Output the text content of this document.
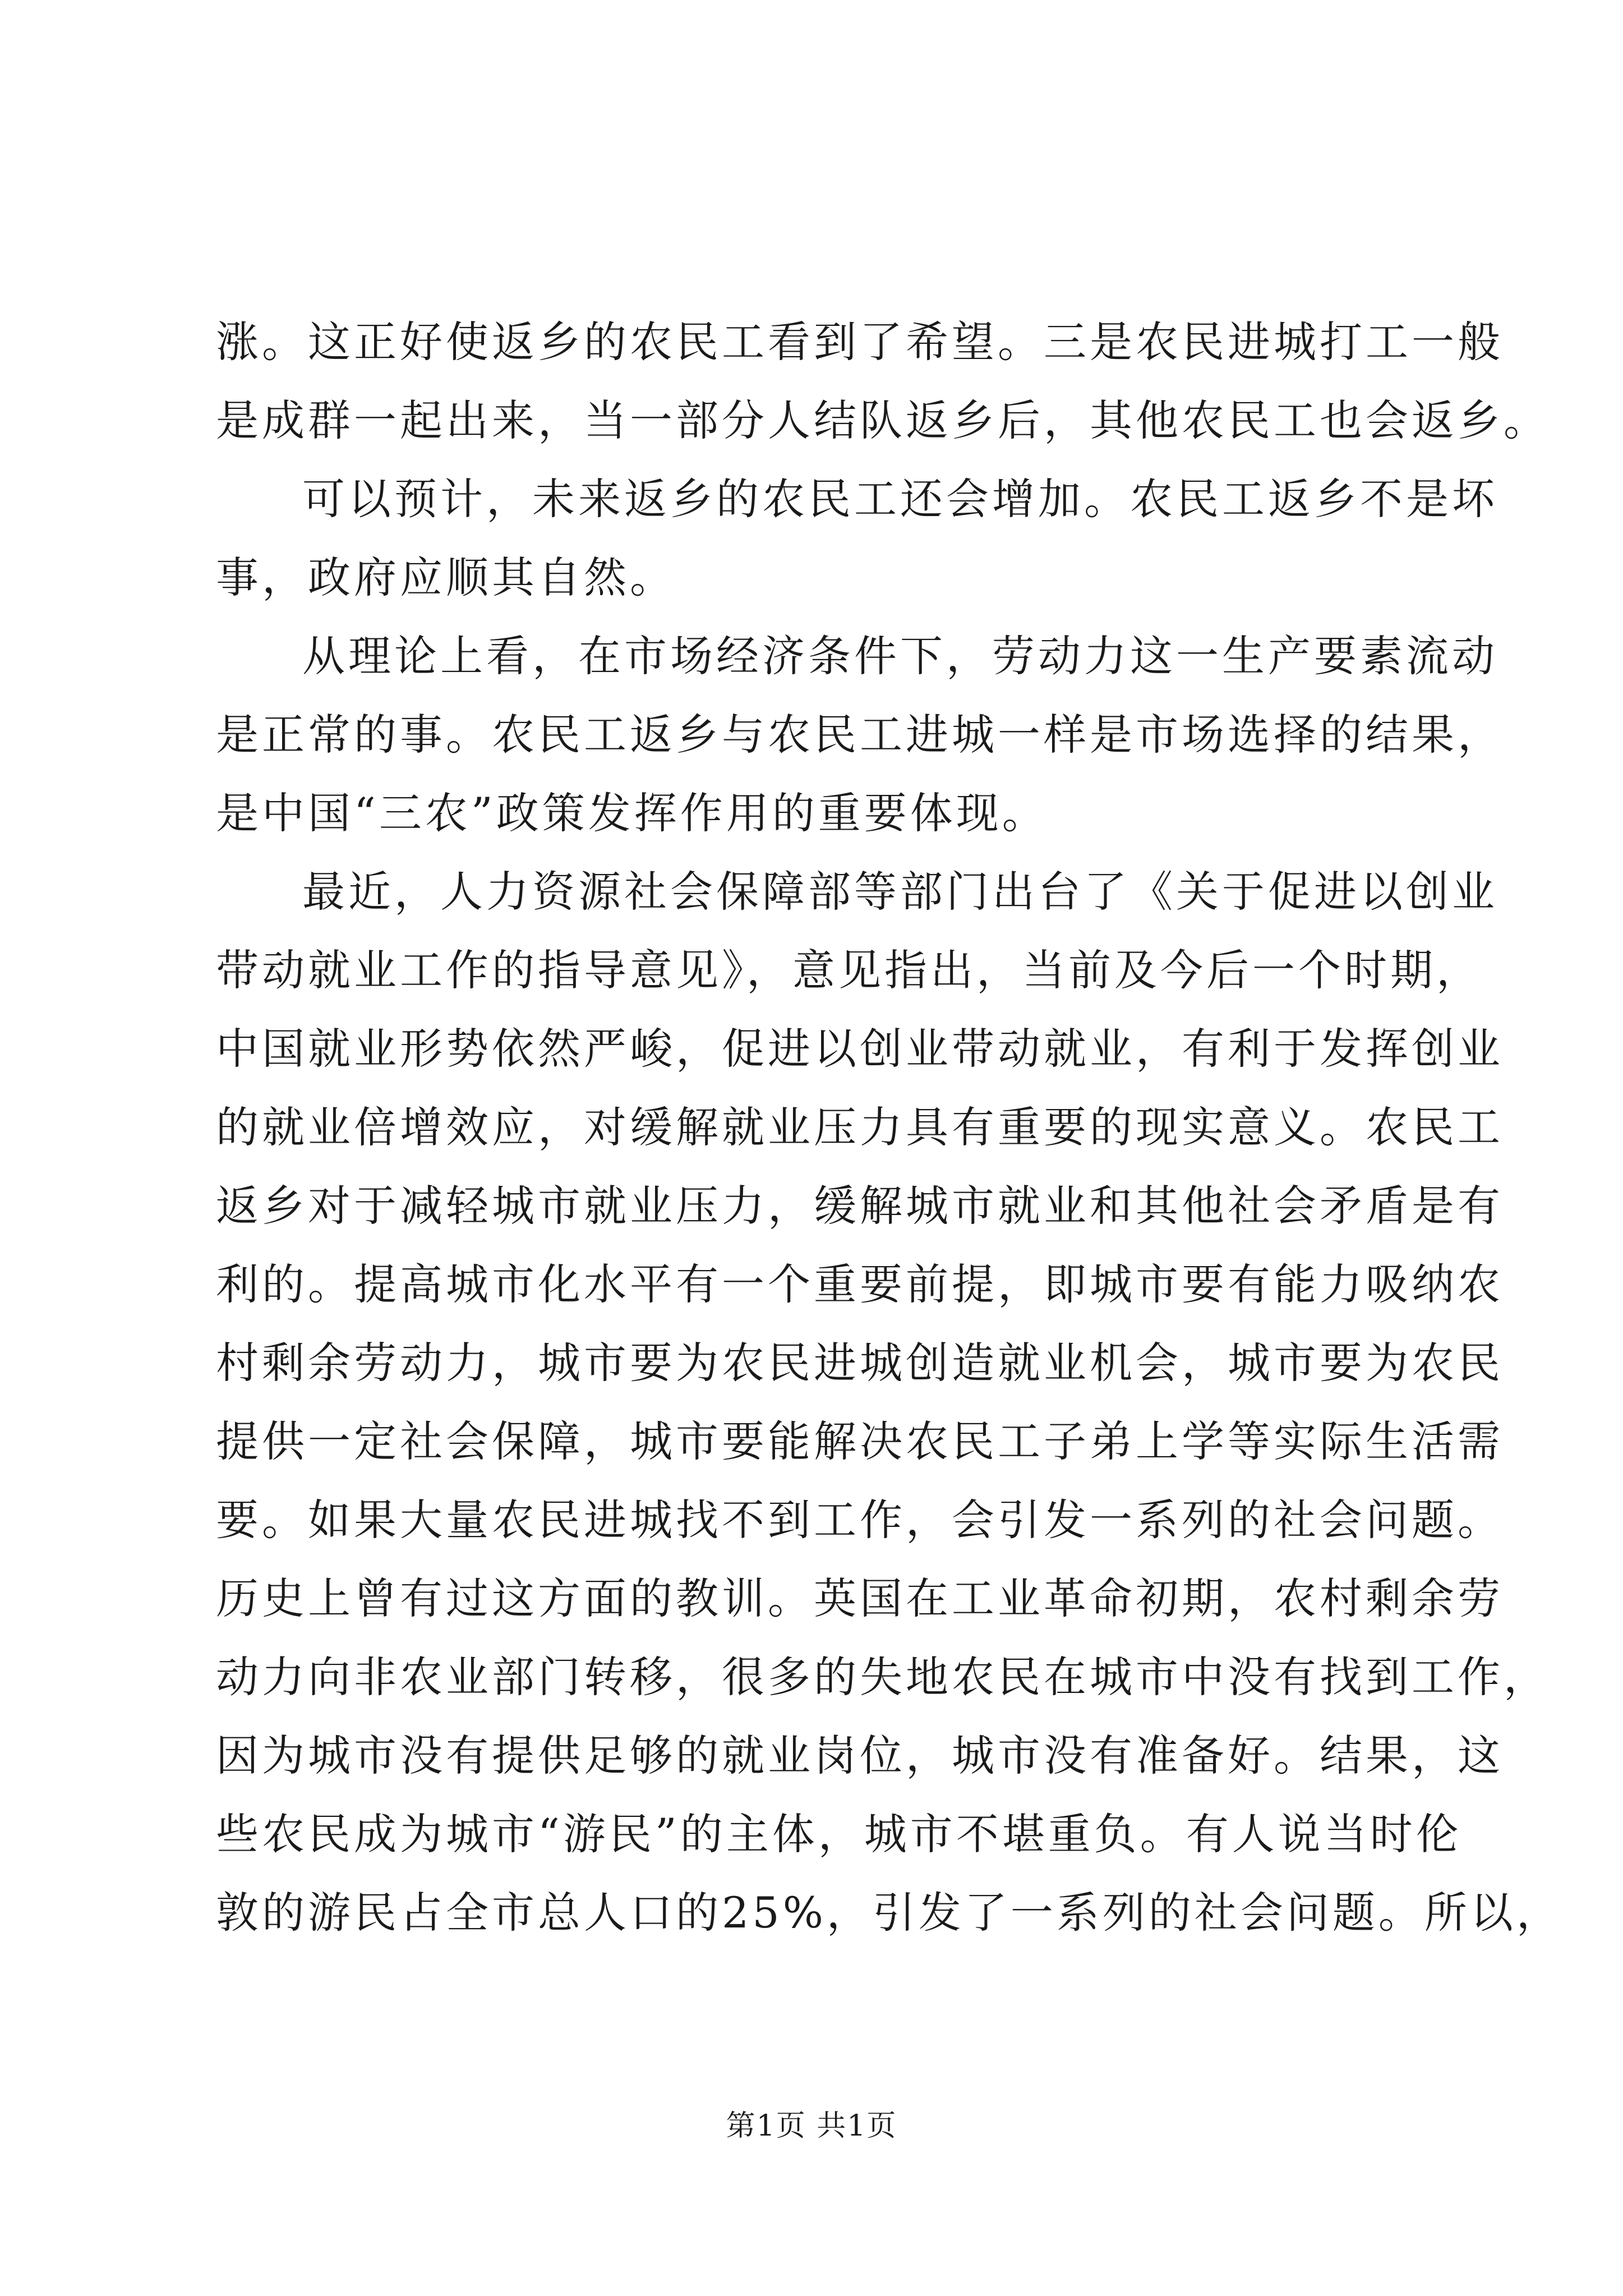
涨。这正好使返乡的农民工看到了希望。三是农民进城打工一般
是成群一起出来，当一部分人结队返乡后，其他农民工也会返乡。
可以预计，未来返乡的农民工还会增加。农民工返乡不是坏
事，政府应顺其自然。
从理论上看，在市场经济条件下，劳动力这一生产要素流动
是正常的事。农民工返乡与农民工进城一样是市场选择的结果，
是中国“三农”政策发挥作用的重要体现。
最近，人力资源社会保障部等部门出台了《关于促进以创业
带动就业工作的指导意见》，意见指出，当前及今后一个时期，
中国就业形势依然严峻，促进以创业带动就业，有利于发挥创业
的就业倍增效应，对缓解就业压力具有重要的现实意义。农民工
返乡对于减轻城市就业压力，缓解城市就业和其他社会矛盾是有
利的。提高城市化水平有一个重要前提，即城市要有能力吸纳农
村剩余劳动力，城市要为农民进城创造就业机会，城市要为农民
提供一定社会保障，城市要能解决农民工子弟上学等实际生活需
要。如果大量农民进城找不到工作，会引发一系列的社会问题。
历史上曾有过这方面的教训。英国在工业革命初期，农村剩余劳
动力向非农业部门转移，很多的失地农民在城市中没有找到工作，
因为城市没有提供足够的就业岗位，城市没有准备好。结果，这
些农民成为城市“游民”的主体，城市不堪重负。有人说当时伦
敦的游民占全市总人口的25%，引发了一系列的社会问题。所以，
第1页 共1页
